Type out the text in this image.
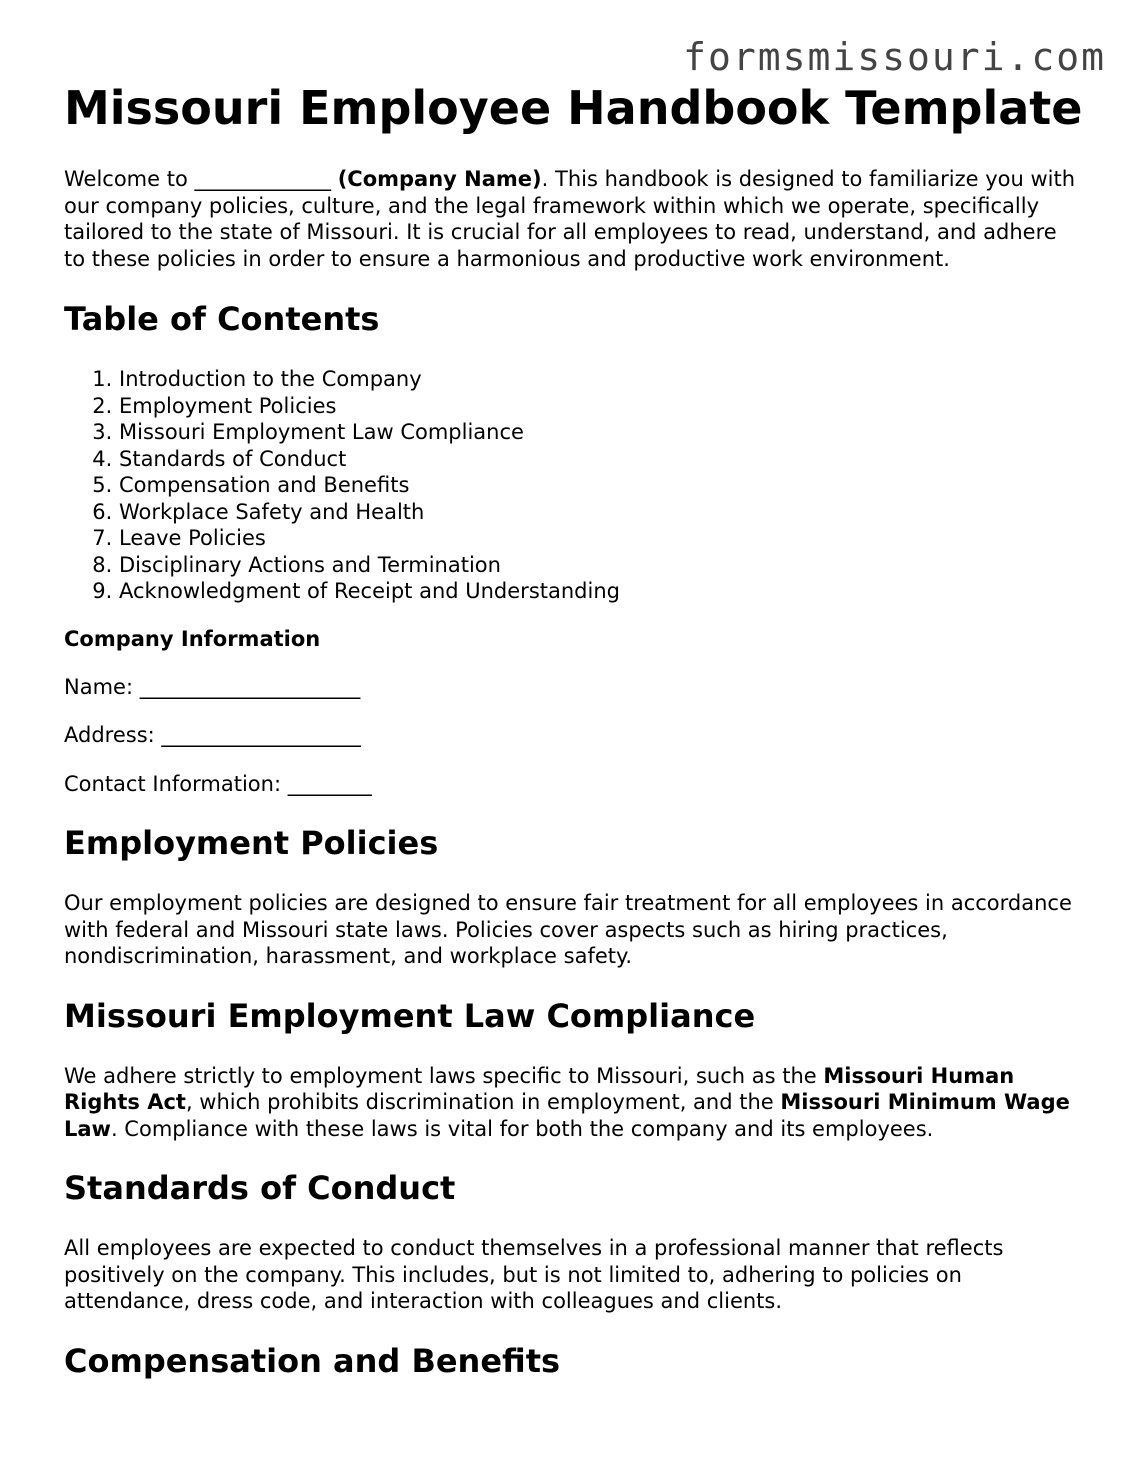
formsmissouri.com
Missouri Employee Handbook Template

Welcome to _____________ (Company Name). This handbook is designed to familiarize you with our company policies, culture, and the legal framework within which we operate, specifically tailored to the state of Missouri. It is crucial for all employees to read, understand, and adhere to these policies in order to ensure a harmonious and productive work environment.

Table of Contents
1. Introduction to the Company
2. Employment Policies
3. Missouri Employment Law Compliance
4. Standards of Conduct
5. Compensation and Benefits
6. Workplace Safety and Health
7. Leave Policies
8. Disciplinary Actions and Termination
9. Acknowledgment of Receipt and Understanding
Company Information

Name: _____________________

Address: ___________________

Contact Information: ________

Employment Policies

Our employment policies are designed to ensure fair treatment for all employees in accordance with federal and Missouri state laws. Policies cover aspects such as hiring practices, nondiscrimination, harassment, and workplace safety.

Missouri Employment Law Compliance

We adhere strictly to employment laws specific to Missouri, such as the Missouri Human Rights Act, which prohibits discrimination in employment, and the Missouri Minimum Wage Law. Compliance with these laws is vital for both the company and its employees.

Standards of Conduct

All employees are expected to conduct themselves in a professional manner that reflects positively on the company. This includes, but is not limited to, adhering to policies on attendance, dress code, and interaction with colleagues and clients.

Compensation and Benefits
